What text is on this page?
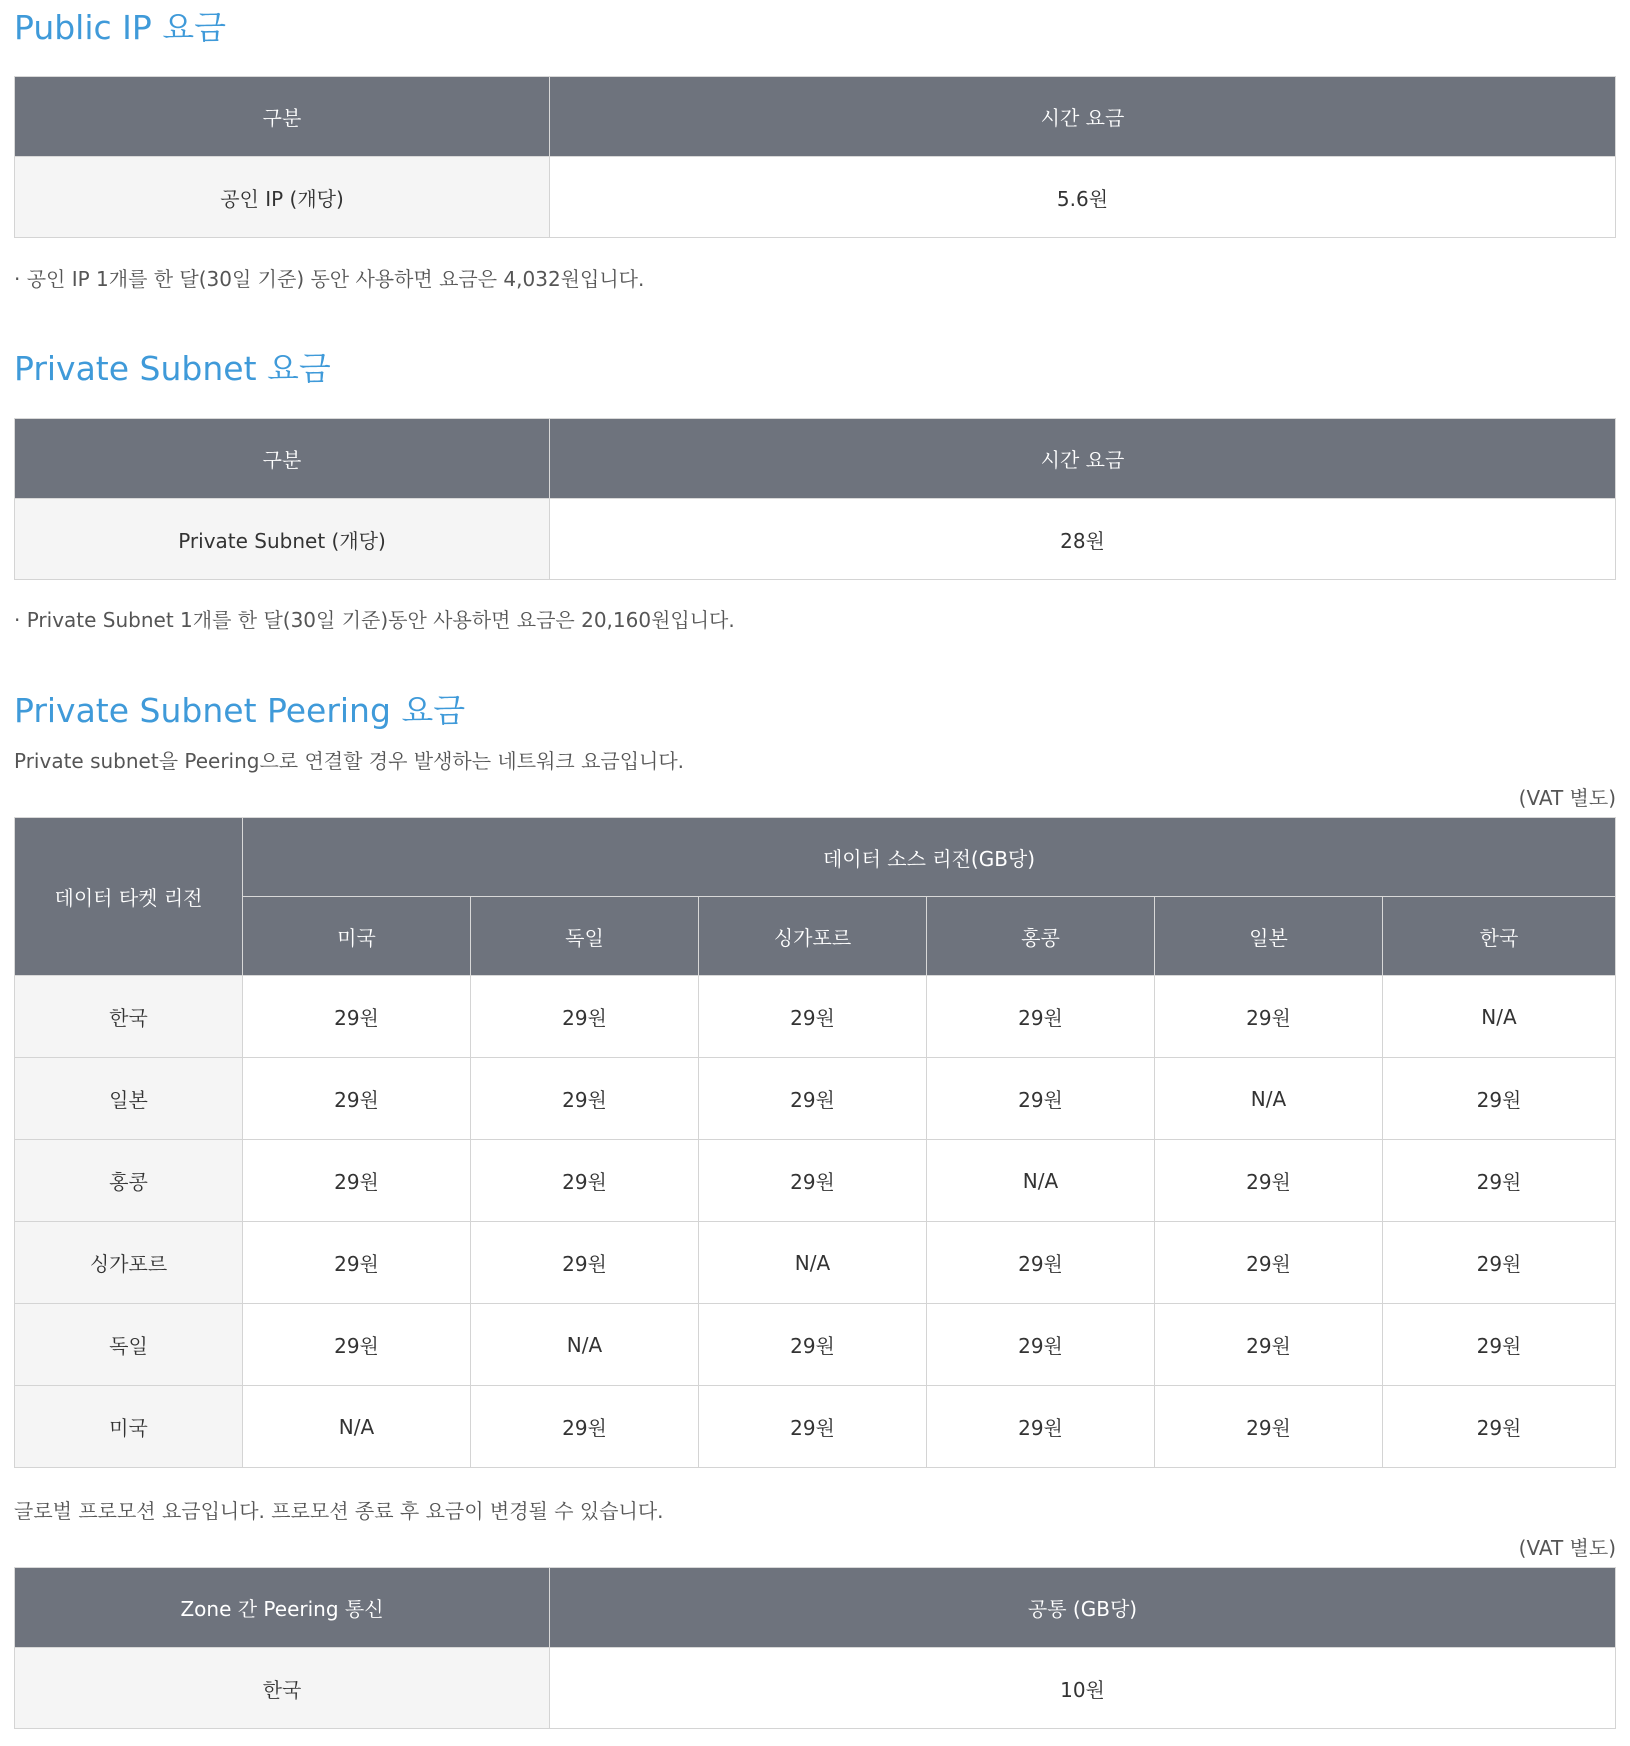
Public IP 요금
구분	시간 요금
공인 IP (개당)	5.6원

· 공인 IP 1개를 한 달(30일 기준) 동안 사용하면 요금은 4,032원입니다.

Private Subnet 요금
구분	시간 요금
Private Subnet (개당)	28원

· Private Subnet 1개를 한 달(30일 기준)동안 사용하면 요금은 20,160원입니다.

Private Subnet Peering 요금

Private subnet을 Peering으로 연결할 경우 발생하는 네트워크 요금입니다.

(VAT 별도)

데이터 타켓 리전	데이터 소스 리전(GB당)					
	미국	독일	싱가포르	홍콩	일본	한국
한국	29원	29원	29원	29원	29원	N/A
일본	29원	29원	29원	29원	N/A	29원
홍콩	29원	29원	29원	N/A	29원	29원
싱가포르	29원	29원	N/A	29원	29원	29원
독일	29원	N/A	29원	29원	29원	29원
미국	N/A	29원	29원	29원	29원	29원

글로벌 프로모션 요금입니다. 프로모션 종료 후 요금이 변경될 수 있습니다.

(VAT 별도)

Zone 간 Peering 통신	공통 (GB당)
한국	10원
